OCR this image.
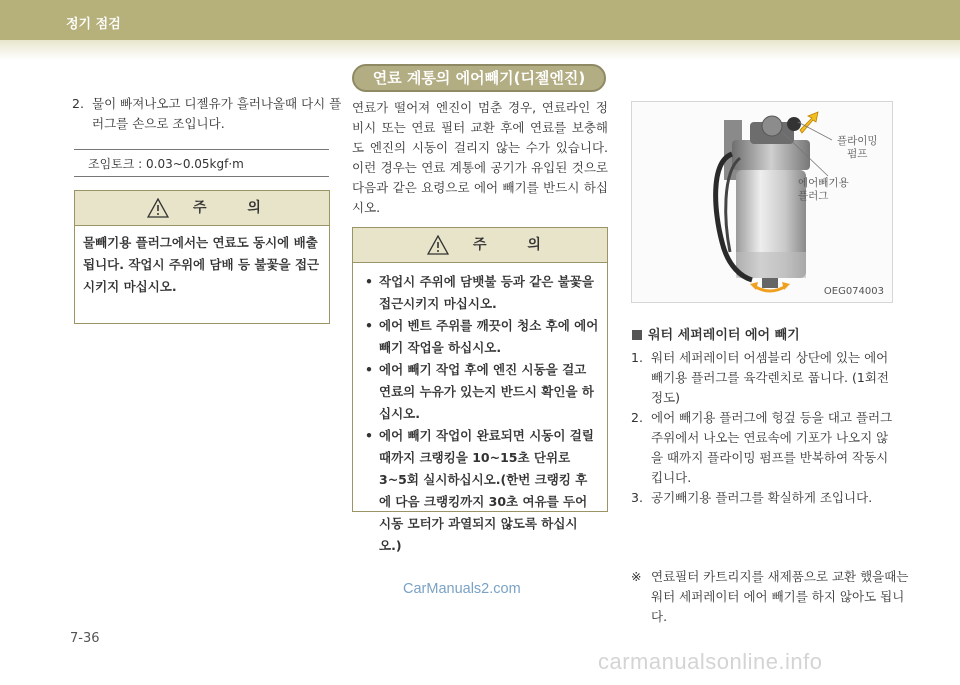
정기 점검
2. 물이 빠져나오고 디젤유가 흘러나올때 다시 플러그를 손으로 조입니다.
조임토크 : 0.03~0.05kgf·m
주 의
물빼기용 플러그에서는 연료도 동시에 배출됩니다. 작업시 주위에 담배 등 불꽃을 접근 시키지 마십시오.
연료 계통의 에어빼기(디젤엔진)
연료가 떨어져 엔진이 멈춘 경우, 연료라인 정비시 또는 연료 필터 교환 후에 연료를 보충해도 엔진의 시동이 걸리지 않는 수가 있습니다. 이런 경우는 연료 계통에 공기가 유입된 것으로 다음과 같은 요령으로 에어 빼기를 반드시 하십시오.
주 의
• 작업시 주위에 담뱃불 등과 같은 불꽃을 접근시키지 마십시오.
• 에어 벤트 주위를 깨끗이 청소 후에 에어 빼기 작업을 하십시오.
• 에어 빼기 작업 후에 엔진 시동을 걸고 연료의 누유가 있는지 반드시 확인을 하십시오.
• 에어 빼기 작업이 완료되면 시동이 걸릴 때까지 크랭킹을 10~15초 단위로 3~5회 실시하십시오.(한번 크랭킹 후에 다음 크랭킹까지 30초 여유를 두어 시동 모터가 과열되지 않도록 하십시오.)
플라이밍
펌프
에어빼기용
플러그
OEG074003
워터 세퍼레이터 에어 빼기
1. 워터 세퍼레이터 어셈블리 상단에 있는 에어빼기용 플러그를 육각렌치로 풉니다. (1회전 정도)
2. 에어 빼기용 플러그에 헝겊 등을 대고 플러그 주위에서 나오는 연료속에 기포가 나오지 않을 때까지 플라이밍 펌프를 반복하여 작동시킵니다.
3. 공기빼기용 플러그를 확실하게 조입니다.
※ 연료필터 카트리지를 새제품으로 교환 했을때는 워터 세퍼레이터 에어 빼기를 하지 않아도 됩니다.
CarManuals2.com
7-36
carmanualsonline.info
